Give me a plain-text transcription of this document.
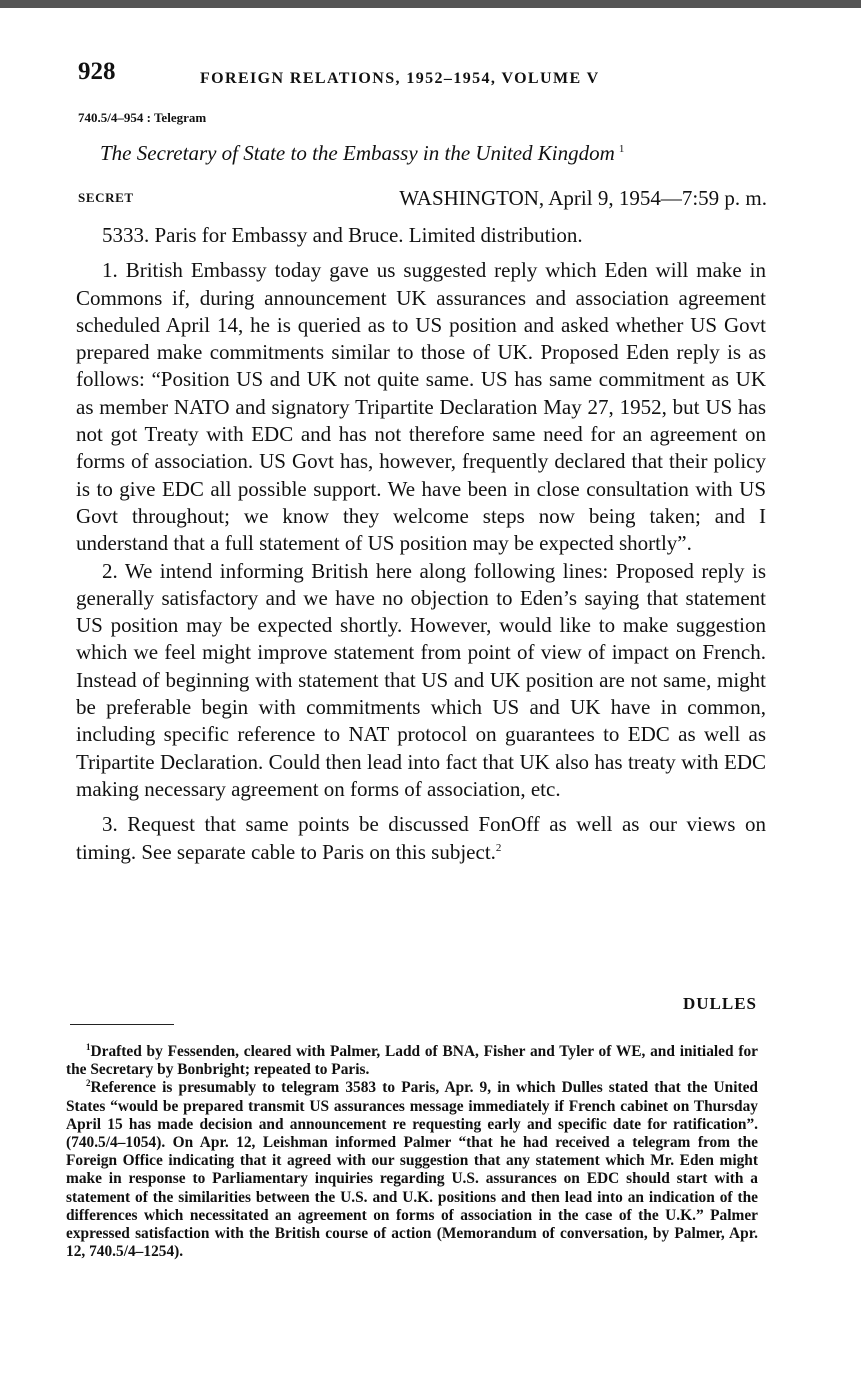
928	FOREIGN RELATIONS, 1952–1954, VOLUME V
740.5/4–954 : Telegram
The Secretary of State to the Embassy in the United Kingdom $^1$
SECRET	WASHINGTON, April 9, 1954—7:59 p. m.

5333. Paris for Embassy and Bruce. Limited distribution.

1. British Embassy today gave us suggested reply which Eden will make in Commons if, during announcement UK assurances and association agreement scheduled April 14, he is queried as to US position and asked whether US Govt prepared make commitments similar to those of UK. Proposed Eden reply is as follows: “Position US and UK not quite same. US has same commitment as UK as member NATO and signatory Tripartite Declaration May 27, 1952, but US has not got Treaty with EDC and has not therefore same need for an agreement on forms of association. US Govt has, however, frequently declared that their policy is to give EDC all possible support. We have been in close consultation with US Govt throughout; we know they welcome steps now being taken; and I understand that a full statement of US position may be expected shortly”.

2. We intend informing British here along following lines: Proposed reply is generally satisfactory and we have no objection to Eden’s saying that statement US position may be expected shortly. However, would like to make suggestion which we feel might improve statement from point of view of impact on French. Instead of beginning with statement that US and UK position are not same, might be preferable begin with commitments which US and UK have in common, including specific reference to NAT protocol on guarantees to EDC as well as Tripartite Declaration. Could then lead into fact that UK also has treaty with EDC making necessary agreement on forms of association, etc.

3. Request that same points be discussed FonOff as well as our views on timing. See separate cable to Paris on this subject.$^2$

DULLES

$^1$Drafted by Fessenden, cleared with Palmer, Ladd of BNA, Fisher and Tyler of WE, and initialed for the Secretary by Bonbright; repeated to Paris.

$^2$Reference is presumably to telegram 3583 to Paris, Apr. 9, in which Dulles stated that the United States “would be prepared transmit US assurances message immediately if French cabinet on Thursday April 15 has made decision and announcement re requesting early and specific date for ratification”. (740.5/4–1054). On Apr. 12, Leishman informed Palmer “that he had received a telegram from the Foreign Office indicating that it agreed with our suggestion that any statement which Mr. Eden might make in response to Parliamentary inquiries regarding U.S. assurances on EDC should start with a statement of the similarities between the U.S. and U.K. positions and then lead into an indication of the differences which necessitated an agreement on forms of association in the case of the U.K.” Palmer expressed satisfaction with the British course of action (Memorandum of conversation, by Palmer, Apr. 12, 740.5/4–1254).
